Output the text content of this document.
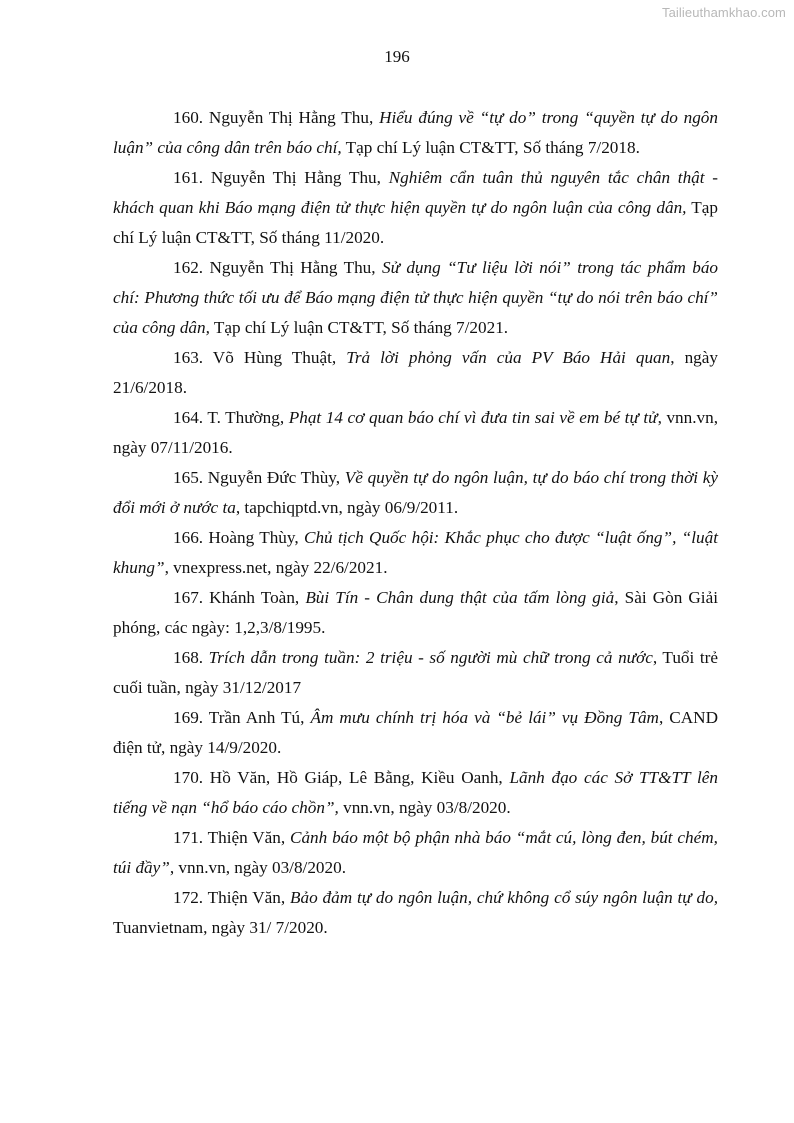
Tailieuthamkhao.com
196

160. Nguyễn Thị Hằng Thu, Hiểu đúng về “tự do” trong “quyền tự do ngôn luận” của công dân trên báo chí, Tạp chí Lý luận CT&TT, Số tháng 7/2018.

161. Nguyễn Thị Hằng Thu, Nghiêm cẩn tuân thủ nguyên tắc chân thật - khách quan khi Báo mạng điện tử thực hiện quyền tự do ngôn luận của công dân, Tạp chí Lý luận CT&TT, Số tháng 11/2020.

162. Nguyễn Thị Hằng Thu, Sử dụng “Tư liệu lời nói” trong tác phẩm báo chí: Phương thức tối ưu để Báo mạng điện tử thực hiện quyền “tự do nói trên báo chí” của công dân, Tạp chí Lý luận CT&TT, Số tháng 7/2021.

163. Võ Hùng Thuật, Trả lời phỏng vấn của PV Báo Hải quan, ngày 21/6/2018.

164. T. Thường, Phạt 14 cơ quan báo chí vì đưa tin sai về em bé tự tử, vnn.vn, ngày 07/11/2016.

165. Nguyễn Đức Thùy, Về quyền tự do ngôn luận, tự do báo chí trong thời kỳ đổi mới ở nước ta, tapchiqptd.vn, ngày 06/9/2011.

166. Hoàng Thùy, Chủ tịch Quốc hội: Khắc phục cho được “luật ống”, “luật khung”, vnexpress.net, ngày 22/6/2021.

167. Khánh Toàn, Bùi Tín - Chân dung thật của tấm lòng giả, Sài Gòn Giải phóng, các ngày: 1,2,3/8/1995.

168. Trích dẫn trong tuần: 2 triệu - số người mù chữ trong cả nước, Tuổi trẻ cuối tuần, ngày 31/12/2017

169. Trần Anh Tú, Âm mưu chính trị hóa và “bẻ lái” vụ Đồng Tâm, CAND điện tử, ngày 14/9/2020.

170. Hồ Văn, Hồ Giáp, Lê Bằng, Kiều Oanh, Lãnh đạo các Sở TT&TT lên tiếng về nạn “hổ báo cáo chồn”, vnn.vn, ngày 03/8/2020.

171. Thiện Văn, Cảnh báo một bộ phận nhà báo “mắt cú, lòng đen, bút chém, túi đầy”, vnn.vn, ngày 03/8/2020.

172. Thiện Văn, Bảo đảm tự do ngôn luận, chứ không cổ súy ngôn luận tự do, Tuanvietnam, ngày 31/ 7/2020.
